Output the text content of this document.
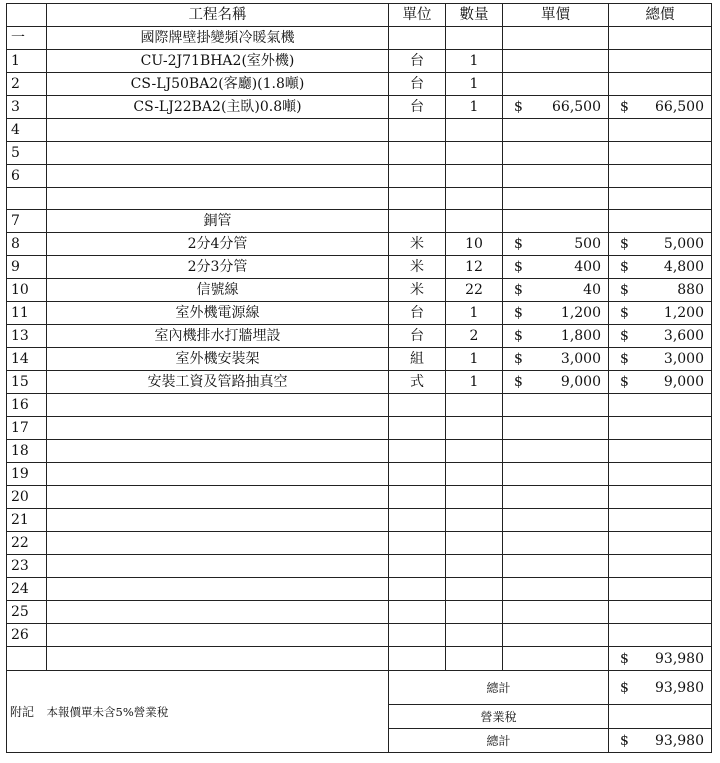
	工程名稱	單位	數量	單價	總價
一	國際牌壁掛變頻冷暖氣機				
1	CU-2J71BHA2(室外機)	台	1		
2	CS-LJ50BA2(客廳)(1.8噸)	台	1		
3	CS-LJ22BA2(主臥)0.8噸)	台	1	$ 66,500	$ 66,500

4					
5					
6					

7	銅管				
8	2分4分管	米	10	$ 500	$ 5,000

9	2分3分管	米	12	$ 400	$ 4,800

10	信號線	米	22	$ 40	$ 880

11	室外機電源線	台	1	$ 1,200	$ 1,200

13	室內機排水打牆埋設	台	2	$ 1,800	$ 3,600

14	室外機安裝架	組	1	$ 3,000	$ 3,000

15	安裝工資及管路抽真空	式	1	$ 9,000	$ 9,000

16					
17					
18					
19					
20					
21					
22					
23					
24					
25					
26					

					$ 93,980

附記	本報價單未含5%營業稅	總計			$ 93,980

		營業稅			
		總計			$ 93,980
